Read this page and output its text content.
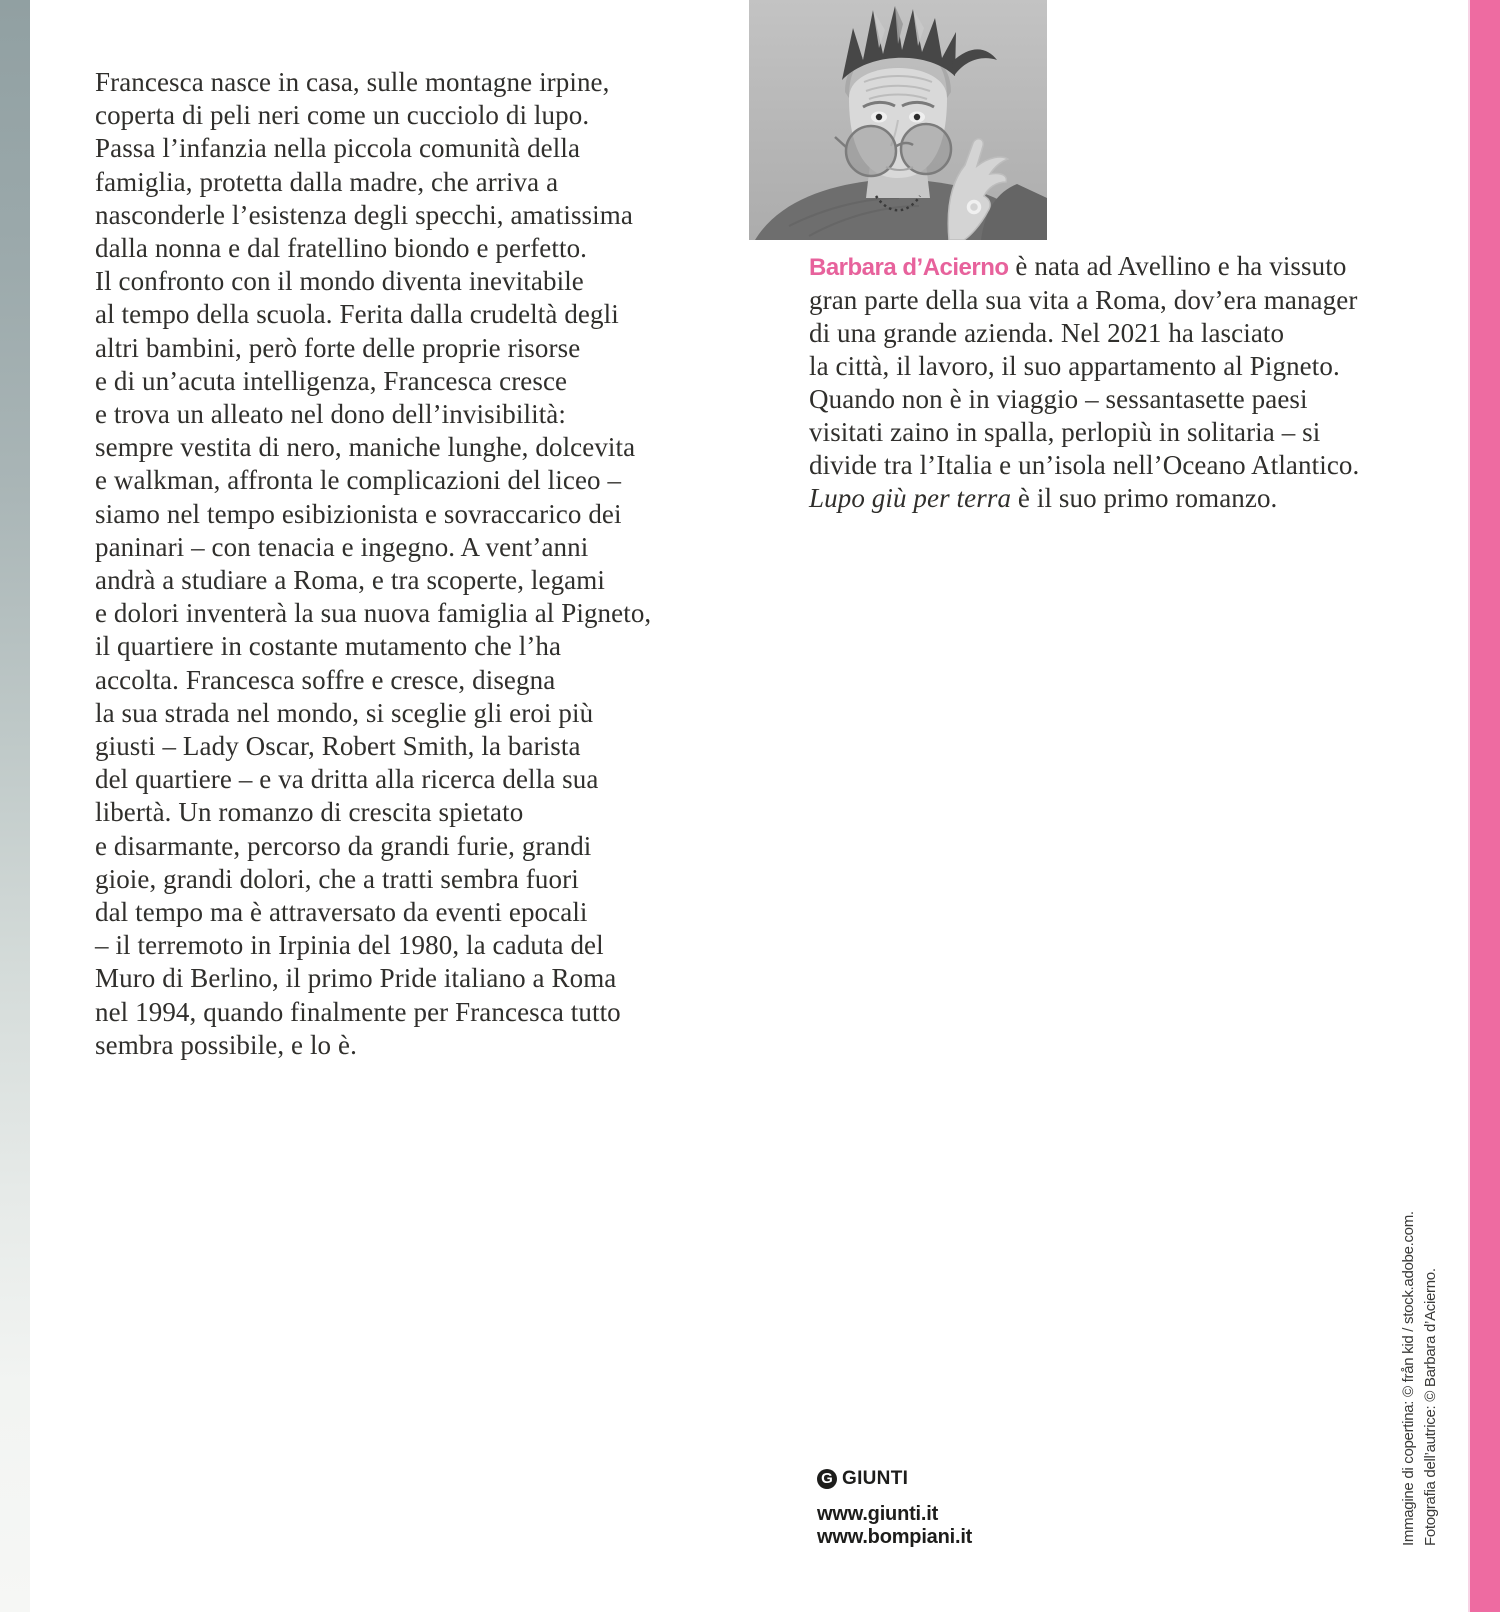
Francesca nasce in casa, sulle montagne irpine,
coperta di peli neri come un cucciolo di lupo.
Passa l’infanzia nella piccola comunità della
famiglia, protetta dalla madre, che arriva a
nasconderle l’esistenza degli specchi, amatissima
dalla nonna e dal fratellino biondo e perfetto.
Il confronto con il mondo diventa inevitabile
al tempo della scuola. Ferita dalla crudeltà degli
altri bambini, però forte delle proprie risorse
e di un’acuta intelligenza, Francesca cresce
e trova un alleato nel dono dell’invisibilità:
sempre vestita di nero, maniche lunghe, dolcevita
e walkman, affronta le complicazioni del liceo –
siamo nel tempo esibizionista e sovraccarico dei
paninari – con tenacia e ingegno. A vent’anni
andrà a studiare a Roma, e tra scoperte, legami
e dolori inventerà la sua nuova famiglia al Pigneto,
il quartiere in costante mutamento che l’ha
accolta. Francesca soffre e cresce, disegna
la sua strada nel mondo, si sceglie gli eroi più
giusti – Lady Oscar, Robert Smith, la barista
del quartiere – e va dritta alla ricerca della sua
libertà. Un romanzo di crescita spietato
e disarmante, percorso da grandi furie, grandi
gioie, grandi dolori, che a tratti sembra fuori
dal tempo ma è attraversato da eventi epocali
– il terremoto in Irpinia del 1980, la caduta del
Muro di Berlino, il primo Pride italiano a Roma
nel 1994, quando finalmente per Francesca tutto
sembra possibile, e lo è.
Barbara d’Acierno è nata ad Avellino e ha vissuto
gran parte della sua vita a Roma, dov’era manager
di una grande azienda. Nel 2021 ha lasciato
la città, il lavoro, il suo appartamento al Pigneto.
Quando non è in viaggio – sessantasette paesi
visitati zaino in spalla, perlopiù in solitaria – si
divide tra l’Italia e un’isola nell’Oceano Atlantico.
Lupo giù per terra è il suo primo romanzo.
G GIUNTI
www.giunti.it
www.bompiani.it	Immagine di copertina: © från kid / stock.adobe.com. Fotografia dell’autrice: © Barbara d’Acierno.
